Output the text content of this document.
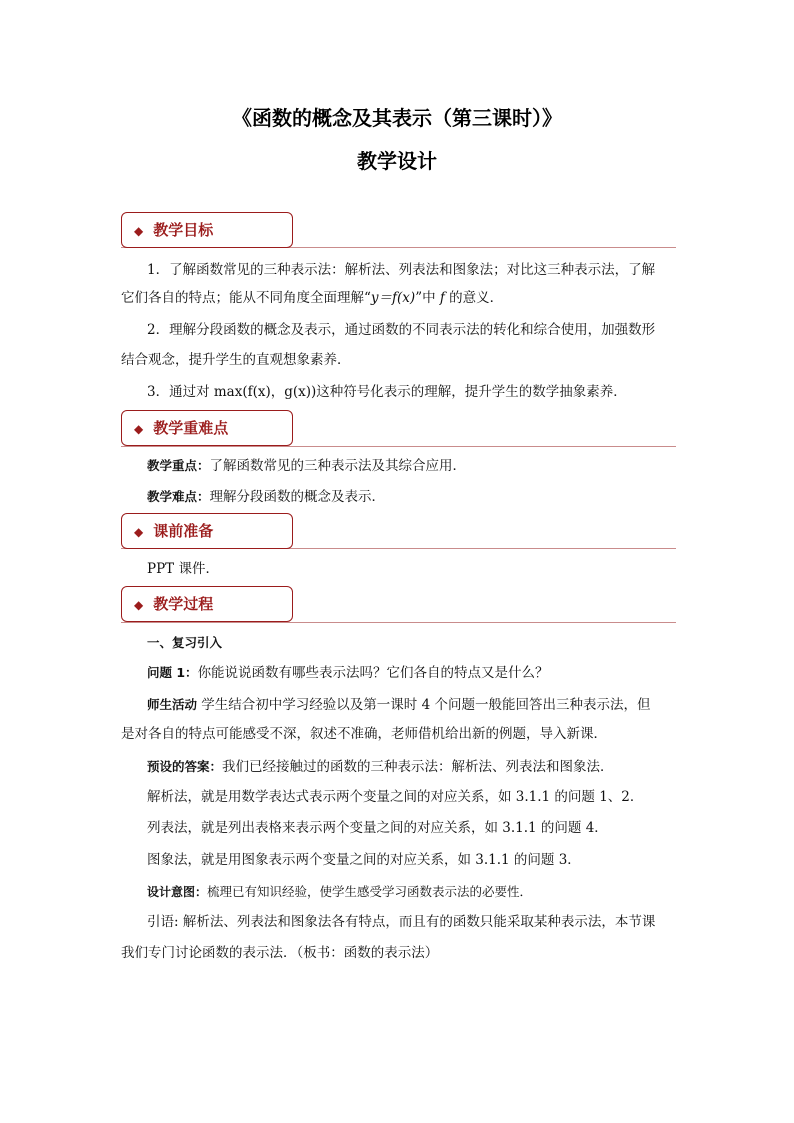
《函数的概念及其表示（第三课时）》
教学设计
◆ 教学目标
1．了解函数常见的三种表示法：解析法、列表法和图象法；对比这三种表示法，了解
它们各自的特点；能从不同角度全面理解“y＝f(x)”中 f 的意义．
2．理解分段函数的概念及表示，通过函数的不同表示法的转化和综合使用，加强数形
结合观念，提升学生的直观想象素养．
3．通过对 max(f(x)，g(x))这种符号化表示的理解，提升学生的数学抽象素养．
◆ 教学重难点
教学重点：了解函数常见的三种表示法及其综合应用．
教学难点：理解分段函数的概念及表示．
◆ 课前准备
PPT 课件．
◆ 教学过程
一、复习引入
问题 1：你能说说函数有哪些表示法吗？它们各自的特点又是什么？
师生活动 学生结合初中学习经验以及第一课时 4 个问题一般能回答出三种表示法，但
是对各自的特点可能感受不深，叙述不准确，老师借机给出新的例题，导入新课．
预设的答案：我们已经接触过的函数的三种表示法：解析法、列表法和图象法．
解析法，就是用数学表达式表示两个变量之间的对应关系，如 3.1.1 的问题 1、2．
列表法，就是列出表格来表示两个变量之间的对应关系，如 3.1.1 的问题 4．
图象法，就是用图象表示两个变量之间的对应关系，如 3.1.1 的问题 3．
设计意图：梳理已有知识经验，使学生感受学习函数表示法的必要性．
引语: 解析法、列表法和图象法各有特点，而且有的函数只能采取某种表示法，本节课
我们专门讨论函数的表示法．（板书：函数的表示法）
